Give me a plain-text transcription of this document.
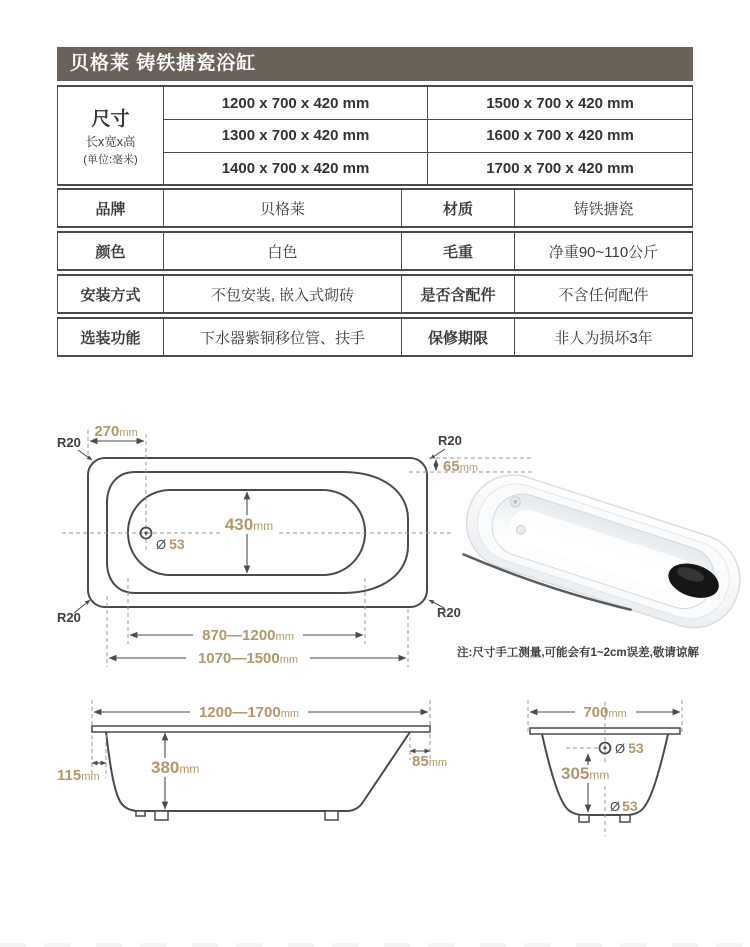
贝格莱 铸铁搪瓷浴缸
尺寸
长x宽x高
(单位:毫米)
1200 x 700 x 420 mm	1500 x 700 x 420 mm
1300 x 700 x 420 mm	1600 x 700 x 420 mm
1400 x 700 x 420 mm	1700 x 700 x 420 mm
品牌	贝格莱	材质	铸铁搪瓷
颜色	白色	毛重	净重90~110公斤
安装方式	不包安装, 嵌入式砌砖	是否含配件	不含任何配件
选装功能	下水器紫铜移位管、扶手	保修期限	非人为损坏3年
Ø 53
270mm
R20	R20
R20	R20
65mm
430mm
870—1200mm
1070—1500mm
1200—1700mm
115mm	380mm	85mm
700mm
Ø 53
305mm
Ø 53
注:尺寸手工测量,可能会有1~2cm误差,敬请谅解
